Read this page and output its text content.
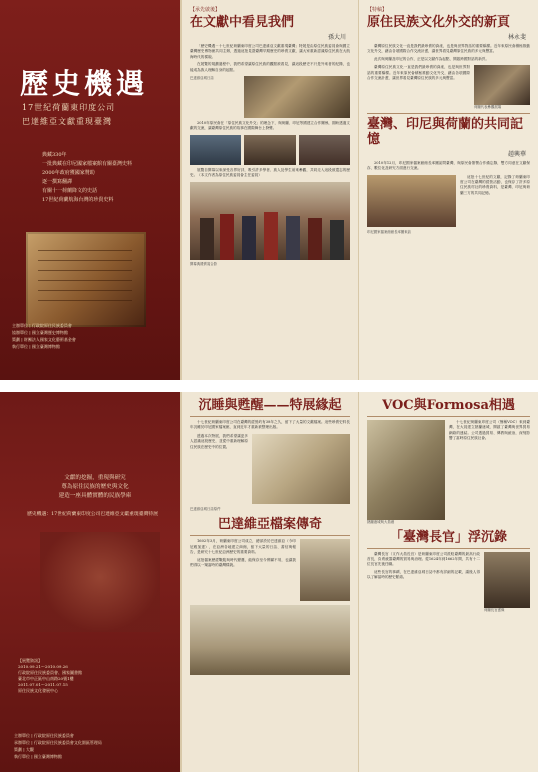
歷史機遇
17世紀荷蘭東印度公司
巴達維亞文獻重現臺灣

典藏330年

一批典藏在印尼國家檔案館有關臺灣史料

2000年政府獲國家贊助

逐一撰寫翻譯

有關十一荷蘭降文的史話

17世紀荷蘭航海台灣的珍貴史料

主辦單位 | 行政院原住民族委員會
協辦單位 | 國立臺灣歷史博物館
策劃 | 財團法人國家文化藝術基金會
執行單位 | 國立臺灣博物館
【承先啟後】
在文獻中看見我們
孫大川

「歷史機遇－十七世紀荷蘭東印度公司巴達維亞文獻重現臺灣」特展是由原住民族委員會與國立臺灣歷史博物館共同主辦，透過這批見證臺灣早期歷史的珍貴文獻，讓大家重新認識原住民族在大航海時代的樣貌。

在展覽的規劃過程中，我們希望讓原住民族的觀點被看見，讓這段歷史不只是外來者的紀錄，也能成為族人理解自身的起點。

巴達維亞城日誌

2010年原民會在「原住民族文化外交」的理念下，與荷蘭、印尼等國建立合作關係，期盼透過文獻的交流，讓臺灣原住民族的故事在國際舞台上發聲。

展覽自開幕以來深受各界好評，吸引許多學者、族人及學生前來參觀，共同走入這段被遺忘的歷史。（本文作者為原住民族委員會主任委員）

開幕典禮貴賓合影
【特稿】
原住民族文化外交的新頁
林永斐

臺灣原住民族文化一直是我們最珍貴的資產，也是與世界對話的重要橋樑。近年來原民會積極推動文化外交，藉由各項國際合作交流計畫，讓世界看見臺灣原住民族的多元與豐富。

此次與荷蘭及印尼的合作，正是以文獻作為起點，開啟跨國對話的新頁。

臺灣原住民族文化一直是我們最珍貴的資產，也是與世界對話的重要橋樑。近年來原民會積極推動文化外交，藉由各項國際合作交流計畫，讓世界看見臺灣原住民族的多元與豐富。

荷蘭代表參觀展場
臺灣、印尼與荷蘭的共同記憶
趙興華

2010年12月，印尼國家檔案館館長率團訪問臺灣，與原民會簽署合作備忘錄，雙方同意在文獻保存、數位化及研究方面進行交流。

這批十七世紀的文獻，記錄了荷蘭東印度公司在臺灣的經營活動，也保存了許多原住民族村社的珍貴資料，是臺灣、印尼與荷蘭三方的共同記憶。

印尼國家檔案館館長率團來訪
文獻的挖掘，重現與研究
尊為原住民族的歷史與文化
建造一座具體實體的民族學庫
歷史機遇：17世紀荷蘭東印度公司巴達維亞文獻重現臺灣特展
【展覽資訊】
2010.09.21～2010.09.26
行政院原住民族委員會、國家圖書館
臺北市中正區中山南路20號1樓
2011.07.01～2011.07.15
原住民族文化發展中心
主辦單位 | 行政院原住民族委員會
承辦單位 | 行政院原住民族委員會文化園區管理局
策劃 | 大觀
執行單位 | 國立臺灣博物館
沉睡與甦醒——特展緣起

十七世紀荷蘭東印度公司在臺灣的經營約有38年之久，留下了大量的文獻檔案。這些珍貴史料長年沉睡於印尼國家檔案館，直到近年才重新被整理出版。

透過本次特展，我們希望讓更多人認識這段歷史，並從中重新理解原住民族在歷史中的位置。

巴達維亞城日誌原件
巴達維亞檔案傳奇

1602年3月，荷蘭東印度公司成立，總部設於巴達維亞（今印尼雅加達），在亞洲各地建立商館，留下大量的日誌、書信與報告，是研究十七世紀亞洲歷史的重要資料。

這批檔案歷經戰亂與時代變遷，能保存至今實屬不易，也讓我們得以一窺當時的臺灣樣貌。

VOC與Formosa相遇

十七世紀荷蘭東印度公司（簡稱VOC）來到臺灣，在大員建立熱蘭遮城，開啟了臺灣與世界貿易網絡的連結。公司透過貿易、傳教與統治，深刻影響了當時原住民族社會。

熱蘭遮城與大員港
「臺灣長官」浮沉錄

臺灣長官（又作大員長官）是荷蘭東印度公司派駐臺灣的最高行政首長，負責統籌臺灣的貿易與治理。從1624年到1662年間，共有十二位長官先後任職。

這些長官的事蹟，在巴達維亞城日誌中都有詳細的記載，讓後人得以了解當時的歷史脈絡。

荷蘭長官畫像
